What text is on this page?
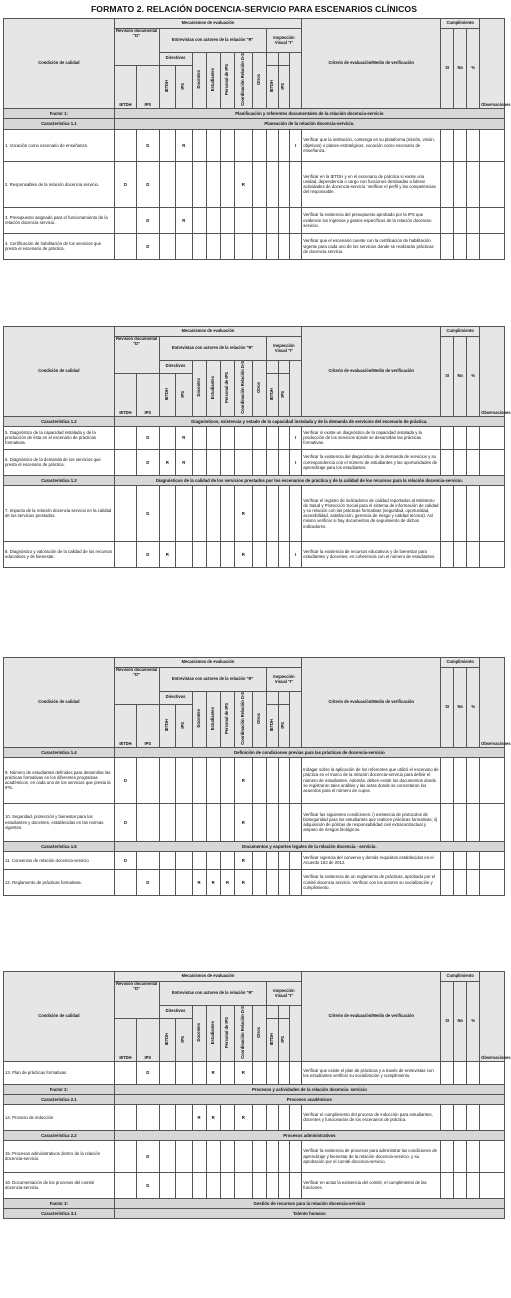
FORMATO 2. RELACIÓN DOCENCIA-SERVICIO PARA ESCENARIOS CLÍNICOS
Condición de calidad	Mecanismos de evaluación												Criterio de evaluación/Medio de verificación	Cumplimiento			Observaciones
	Revisión documental "D"		Entrevistas con actores de la relación "R"							Inspección Visual "I"				SI	No	%	
			Directivos		Docentes	Estudiantes	Personal de IPS	Coordinación Relación D-S	Otros								
	IETDH	IPS	IETDH	IPS						IETDH	IPS						
Factor 1:	Planificación y referentes documentales de la relación docencia-servicio																
Característica 1.1	Planeación de la relación docencia-servicio.																
1. Vocación como escenario de enseñanza		D		R								I	Verificar que la institución, contenga en su plataforma (misión, visión, objetivos) o planes estratégicos, vocación como escenario de enseñanza.				
2. Responsables de la relación docencia servicio.	D	D						R					Verificar en la IETDH y en el escenario de práctica si existe una unidad, dependencia o cargo con funciones destinadas a liderar actividades de docencia-servicio. Verificar el perfil y las competencias del responsable.				
3. Presupuesto asignado para el funcionamiento de la relación docencia servicio.		D		R									Verificar la existencia del presupuesto aprobado por la IPS que evidencie los ingresos y gastos específicos de la relación docencia-servicio.				
4. Certificación de habilitación de los servicios que presta el escenario de práctica.		D											Verificar que el escenario cuente con la certificación de habilitación vigente para cada uno de los servicios donde se realizarán prácticas de docencia servicio.				
Condición de calidad	Mecanismos de evaluación												Criterio de evaluación/Medio de verificación	Cumplimiento			Observaciones
	Revisión documental "D"		Entrevistas con actores de la relación "R"							Inspección Visual "I"				SI	No	%	
			Directivos		Docentes	Estudiantes	Personal de IPS	Coordinación Relación D-S	Otros								
	IETDH	IPS	IETDH	IPS						IETDH	IPS						
Característica 1.2	Diagnósticos, existencia y estado de la capacidad instalada y de la demanda de servicios del escenario de práctica.																
5. Diagnóstico de la capacidad instalada y de la producción de ésta en el escenario de prácticas formativas.		D		R								I	Verificar si existe un diagnóstico de la capacidad instalada y la producción de los servicios donde se desarrollan las prácticas formativas.				
6. Diagnóstico de la demanda de los servicios que presta el escenario de práctica.		D	R	R								I	Verificar la existencia del diagnóstico de la demanda de servicios y su correspondencia con el número de estudiantes y las oportunidades de aprendizaje para los estudiantes.				
Característica 1.3	Diagnósticos de la calidad de los servicios prestados por los escenarios de práctica y de la calidad de los recursos para la relación docencia-servicio.																
7. Impacto de la relación docencia servicio en la calidad de los servicios prestados.		D						R					Verificar el registro de indicadores de calidad reportados al Ministerio de Salud y Protección Social para el sistema de información de calidad y su relación con las prácticas formativas (seguridad, oportunidad, accesibilidad, satisfacción, gerencia de riesgo y calidad técnica). Así mismo verificar si hay documentos de seguimiento de dichos indicadores.				
8. Diagnóstico y valoración de la calidad de los recursos educativos y de bienestar.		D	R					R				I	Verificar la existencia de recursos educativos y de bienestar para estudiantes y docentes, en coherencia con el número de estudiantes.				
Condición de calidad	Mecanismos de evaluación												Criterio de evaluación/Medio de verificación	Cumplimiento			Observaciones
	Revisión documental "D"		Entrevistas con actores de la relación "R"							Inspección Visual "I"				SI	No	%	
			Directivos		Docentes	Estudiantes	Personal de IPS	Coordinación Relación D-S	Otros								
	IETDH	IPS	IETDH	IPS						IETDH	IPS						
Característica 1.4	Definición de condiciones previas para las prácticas de docencia-servicio																
9. Número de estudiantes definidos para desarrollar las prácticas formativas en los diferentes programas académicos, en cada uno de los servicios que presta la IPS.	D							R					Indagar sobre la aplicación de los referentes que utilizó el escenario de práctica en el marco de la relación docencia-servicio para definir el número de estudiantes. Además, deben existir los documentos donde se registraron tales análisis y las actas donde se concretaron los acuerdos para el número de cupos.				
10. Seguridad, protección y bienestar para los estudiantes y docentes, establecidas en las normas vigentes.	D							R					Verificar las siguientes condiciones: i) existencia de protocolos de bioseguridad para los estudiantes que realicen prácticas formativas; ii) adquisición de pólizas de responsabilidad civil extracontractual y amparo de riesgos biológicos.				
Característica 1.5	Documentos y soportes legales de la relación docencia - servicio.																
11. Convenios de relación docencia-servicio	D							R					Verificar vigencia del convenio y demás requisitos establecidos en el Acuerdo 153 de 2012.				
12. Reglamento de prácticas formativas.		D			R	R	R	R					Verificar la existencia de un reglamento de prácticas, aprobado por el comité docencia servicio. Verificar con los actores su socialización y cumplimiento.				
Condición de calidad	Mecanismos de evaluación												Criterio de evaluación/Medio de verificación	Cumplimiento			Observaciones
	Revisión documental "D"		Entrevistas con actores de la relación "R"							Inspección Visual "I"				SI	No	%	
			Directivos		Docentes	Estudiantes	Personal de IPS	Coordinación Relación D-S	Otros								
	IETDH	IPS	IETDH	IPS						IETDH	IPS						
13. Plan de prácticas formativas.		D				R		R					Verificar que existe el plan de prácticas y a través de entrevistas con los estudiantes verificar su socialización y cumplimiento.				
Factor 2:	Procesos y actividades de la relación docencia- servicio																
Característica 2.1	Procesos académicos																
14. Proceso de inducción					R	R		R					Verificar el cumplimiento del proceso de inducción para estudiantes, docentes y funcionarios de los escenarios de práctica.				
Característica 2.2	Procesos administrativos																
15. Procesos administrativos dentro de la relación docencia-servicio.		D											Verificar la existencia de procesos para administrar las condiciones de aprendizaje y bienestar de la relación docencia-servicio, y su aprobación por el comité docencia-servicio.				
16. Documentación de los procesos del comité docencia-servicio.		D											Verificar en actas la existencia del comité, el cumplimiento de las funciones.				
Factor 3:	Gestión de recursos para la relación docencia-servicio																
Característica 3.1	Talento humano																
